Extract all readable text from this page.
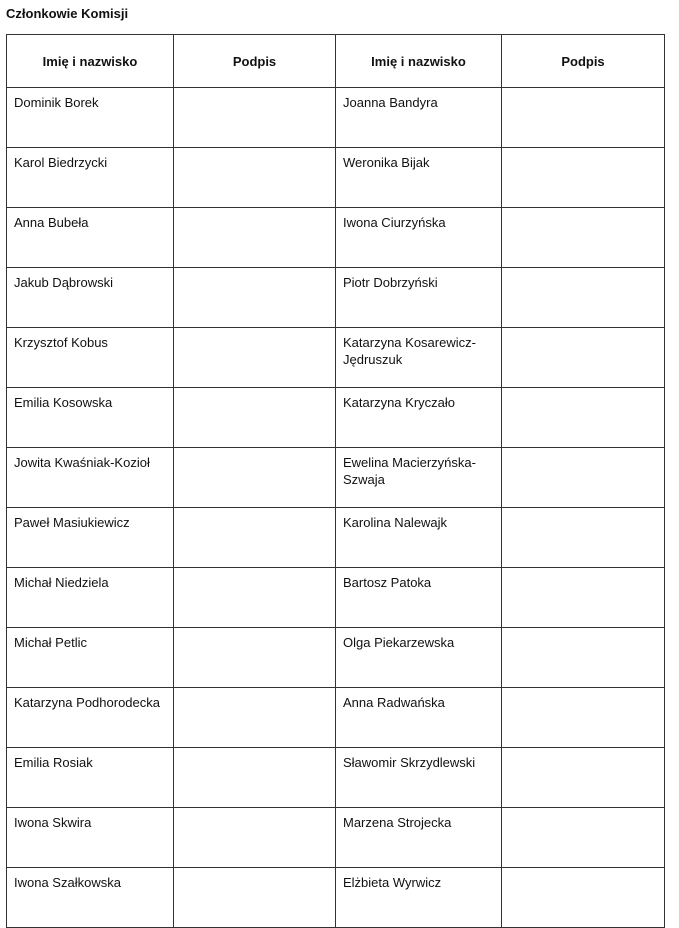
Członkowie Komisji
Imię i nazwisko	Podpis	Imię i nazwisko	Podpis
Dominik Borek		Joanna Bandyra	
Karol Biedrzycki		Weronika Bijak	
Anna Bubeła		Iwona Ciurzyńska	
Jakub Dąbrowski		Piotr Dobrzyński	
Krzysztof Kobus		Katarzyna Kosarewicz-Jędruszuk	
Emilia Kosowska		Katarzyna Kryczało	
Jowita Kwaśniak-Kozioł		Ewelina Macierzyńska-Szwaja	
Paweł Masiukiewicz		Karolina Nalewajk	
Michał Niedziela		Bartosz Patoka	
Michał Petlic		Olga Piekarzewska	
Katarzyna Podhorodecka		Anna Radwańska	
Emilia Rosiak		Sławomir Skrzydlewski	
Iwona Skwira		Marzena Strojecka	
Iwona Szałkowska		Elżbieta Wyrwicz	
